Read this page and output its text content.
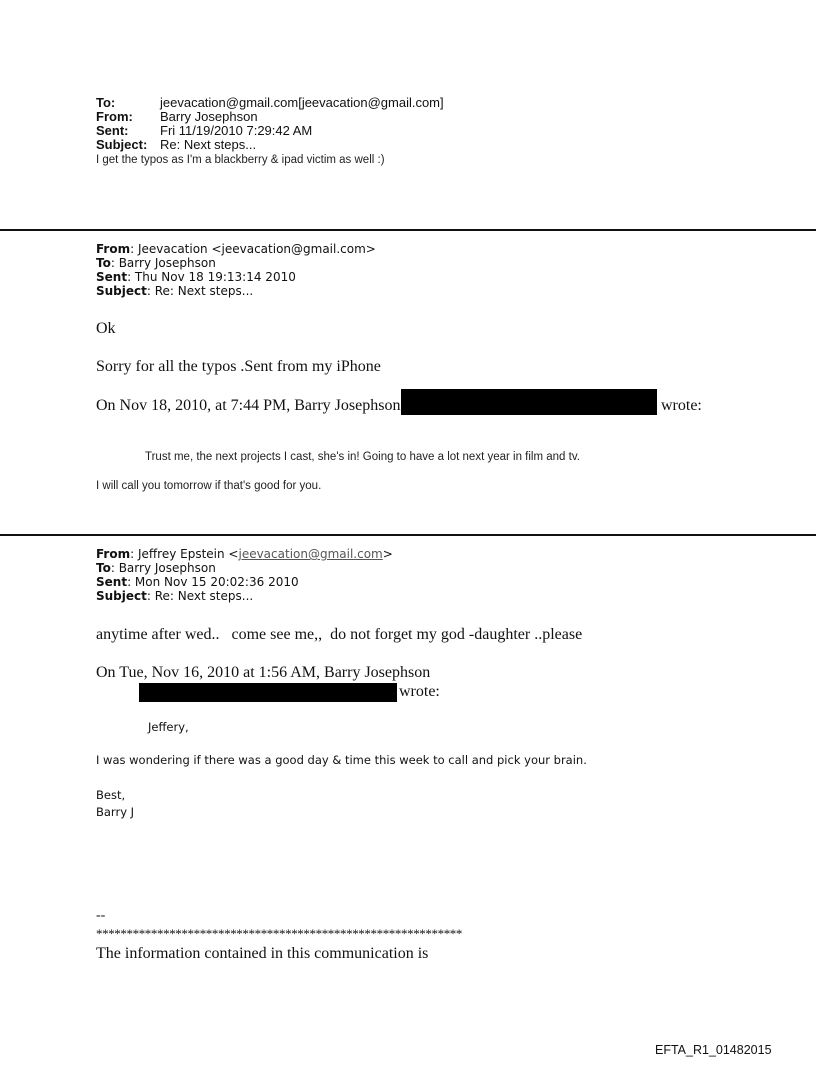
To:	jeevacation@gmail.com[jeevacation@gmail.com]
From:	Barry Josephson
Sent:	Fri 11/19/2010 7:29:42 AM
Subject: Re: Next steps...
I get the typos as I'm a blackberry & ipad victim as well :)
From: Jeevacation <jeevacation@gmail.com>
To: Barry Josephson
Sent: Thu Nov 18 19:13:14 2010
Subject: Re: Next steps...
Ok
Sorry for all the typos .Sent from my iPhone
On Nov 18, 2010, at 7:44 PM, Barry Josephson	wrote:
Trust me, the next projects I cast, she's in! Going to have a lot next year in film and tv.
I will call you tomorrow if that's good for you.
From: Jeffrey Epstein <jeevacation@gmail.com>
To: Barry Josephson
Sent: Mon Nov 15 20:02:36 2010
Subject: Re: Next steps...
anytime after wed..   come see me,,  do not forget my god -daughter ..please
On Tue, Nov 16, 2010 at 1:56 AM, Barry Josephson
wrote:
Jeffery,
I was wondering if there was a good day & time this week to call and pick your brain.
Best,
Barry J
--
************************************************************
The information contained in this communication is
EFTA_R1_01482015
